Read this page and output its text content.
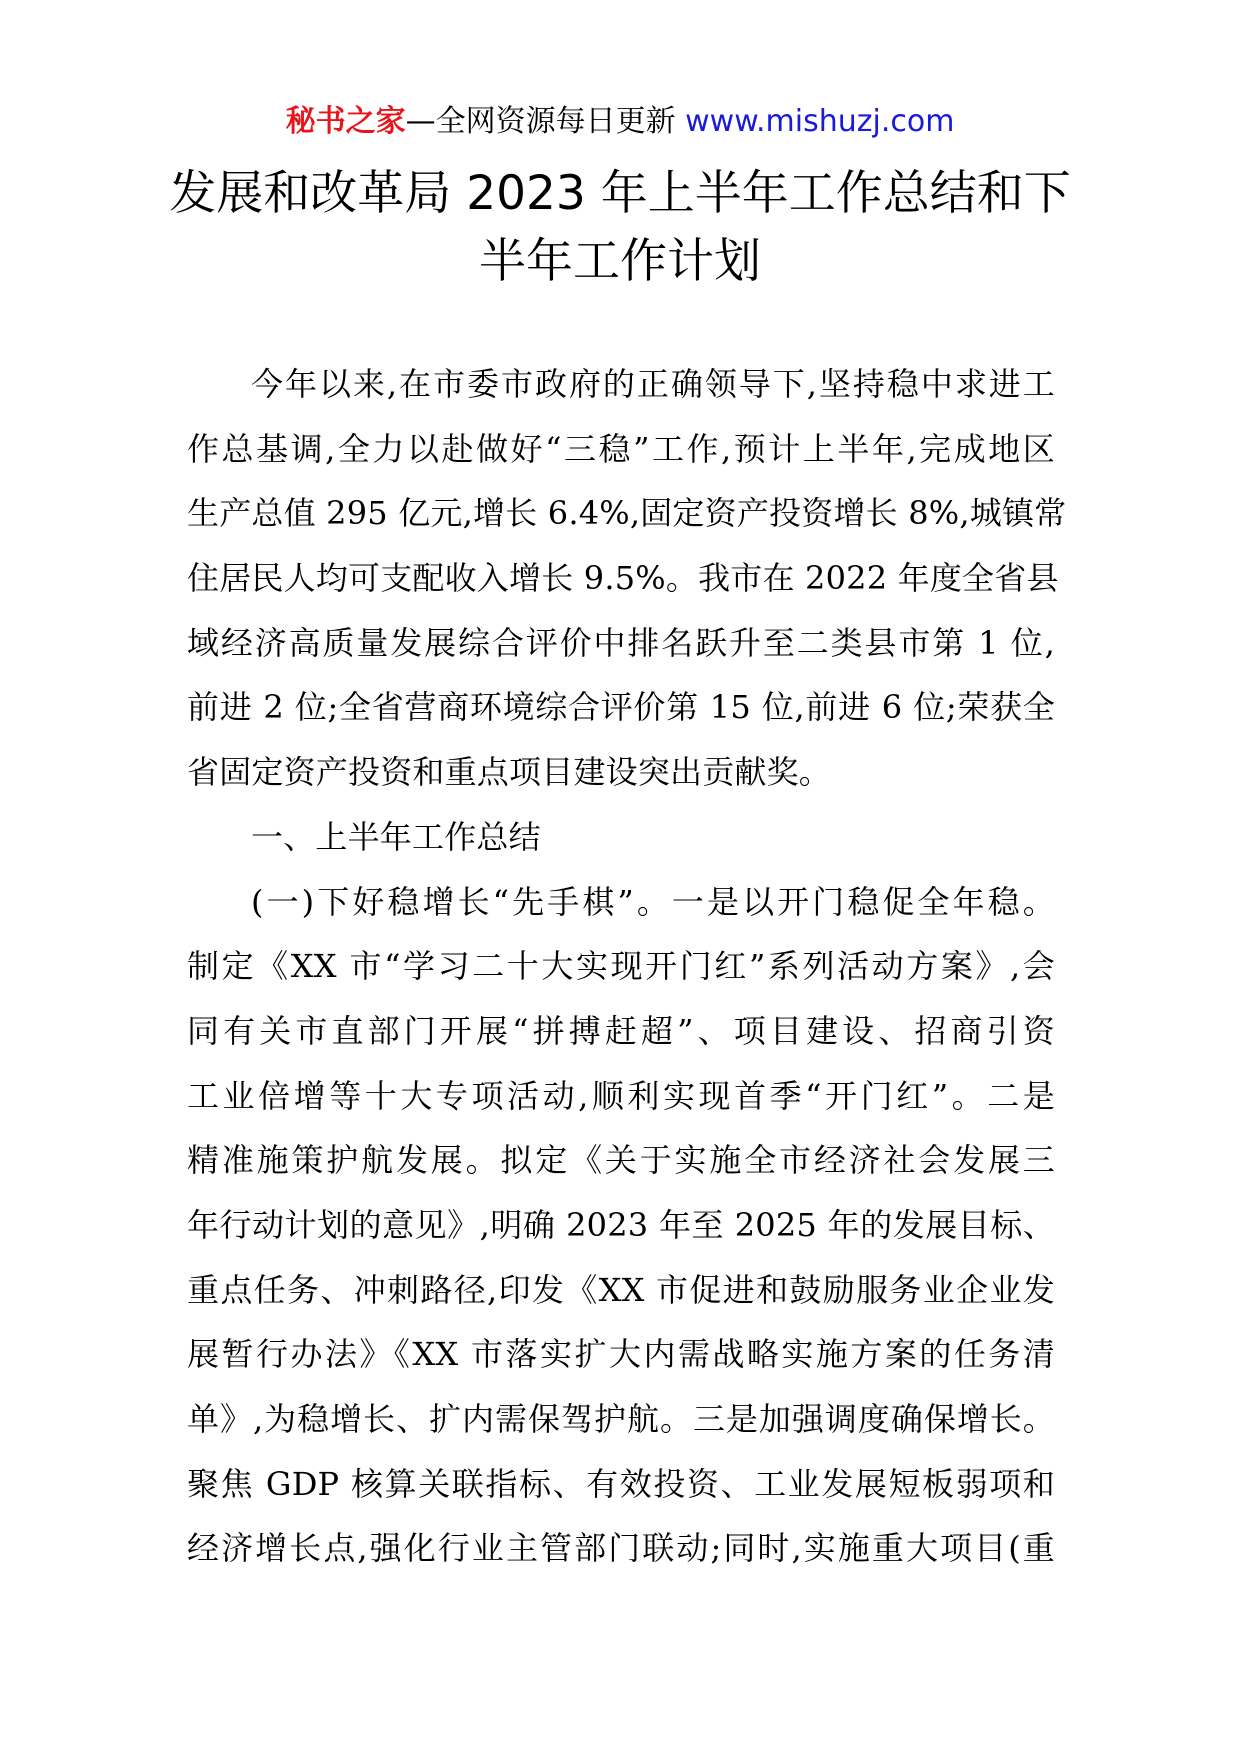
秘书之家—全网资源每日更新 www.mishuzj.com
发展和改革局 2023 年上半年工作总结和下
半年工作计划
今年以来,在市委市政府的正确领导下,坚持稳中求进工
作总基调,全力以赴做好“三稳”工作,预计上半年,完成地区
生产总值 295 亿元,增长 6.4%,固定资产投资增长 8%,城镇常
住居民人均可支配收入增长 9.5%。我市在 2022 年度全省县
域经济高质量发展综合评价中排名跃升至二类县市第 1 位,
前进 2 位;全省营商环境综合评价第 15 位,前进 6 位;荣获全
省固定资产投资和重点项目建设突出贡献奖。
一、上半年工作总结
(一)下好稳增长“先手棋”。一是以开门稳促全年稳。
制定《XX 市“学习二十大实现开门红”系列活动方案》,会
同有关市直部门开展“拼搏赶超”、项目建设、招商引资
工业倍增等十大专项活动,顺利实现首季“开门红”。二是
精准施策护航发展。拟定《关于实施全市经济社会发展三
年行动计划的意见》,明确 2023 年至 2025 年的发展目标、
重点任务、冲刺路径,印发《XX 市促进和鼓励服务业企业发
展暂行办法》《XX 市落实扩大内需战略实施方案的任务清
单》,为稳增长、扩内需保驾护航。三是加强调度确保增长。
聚焦 GDP 核算关联指标、有效投资、工业发展短板弱项和
经济增长点,强化行业主管部门联动;同时,实施重大项目(重
